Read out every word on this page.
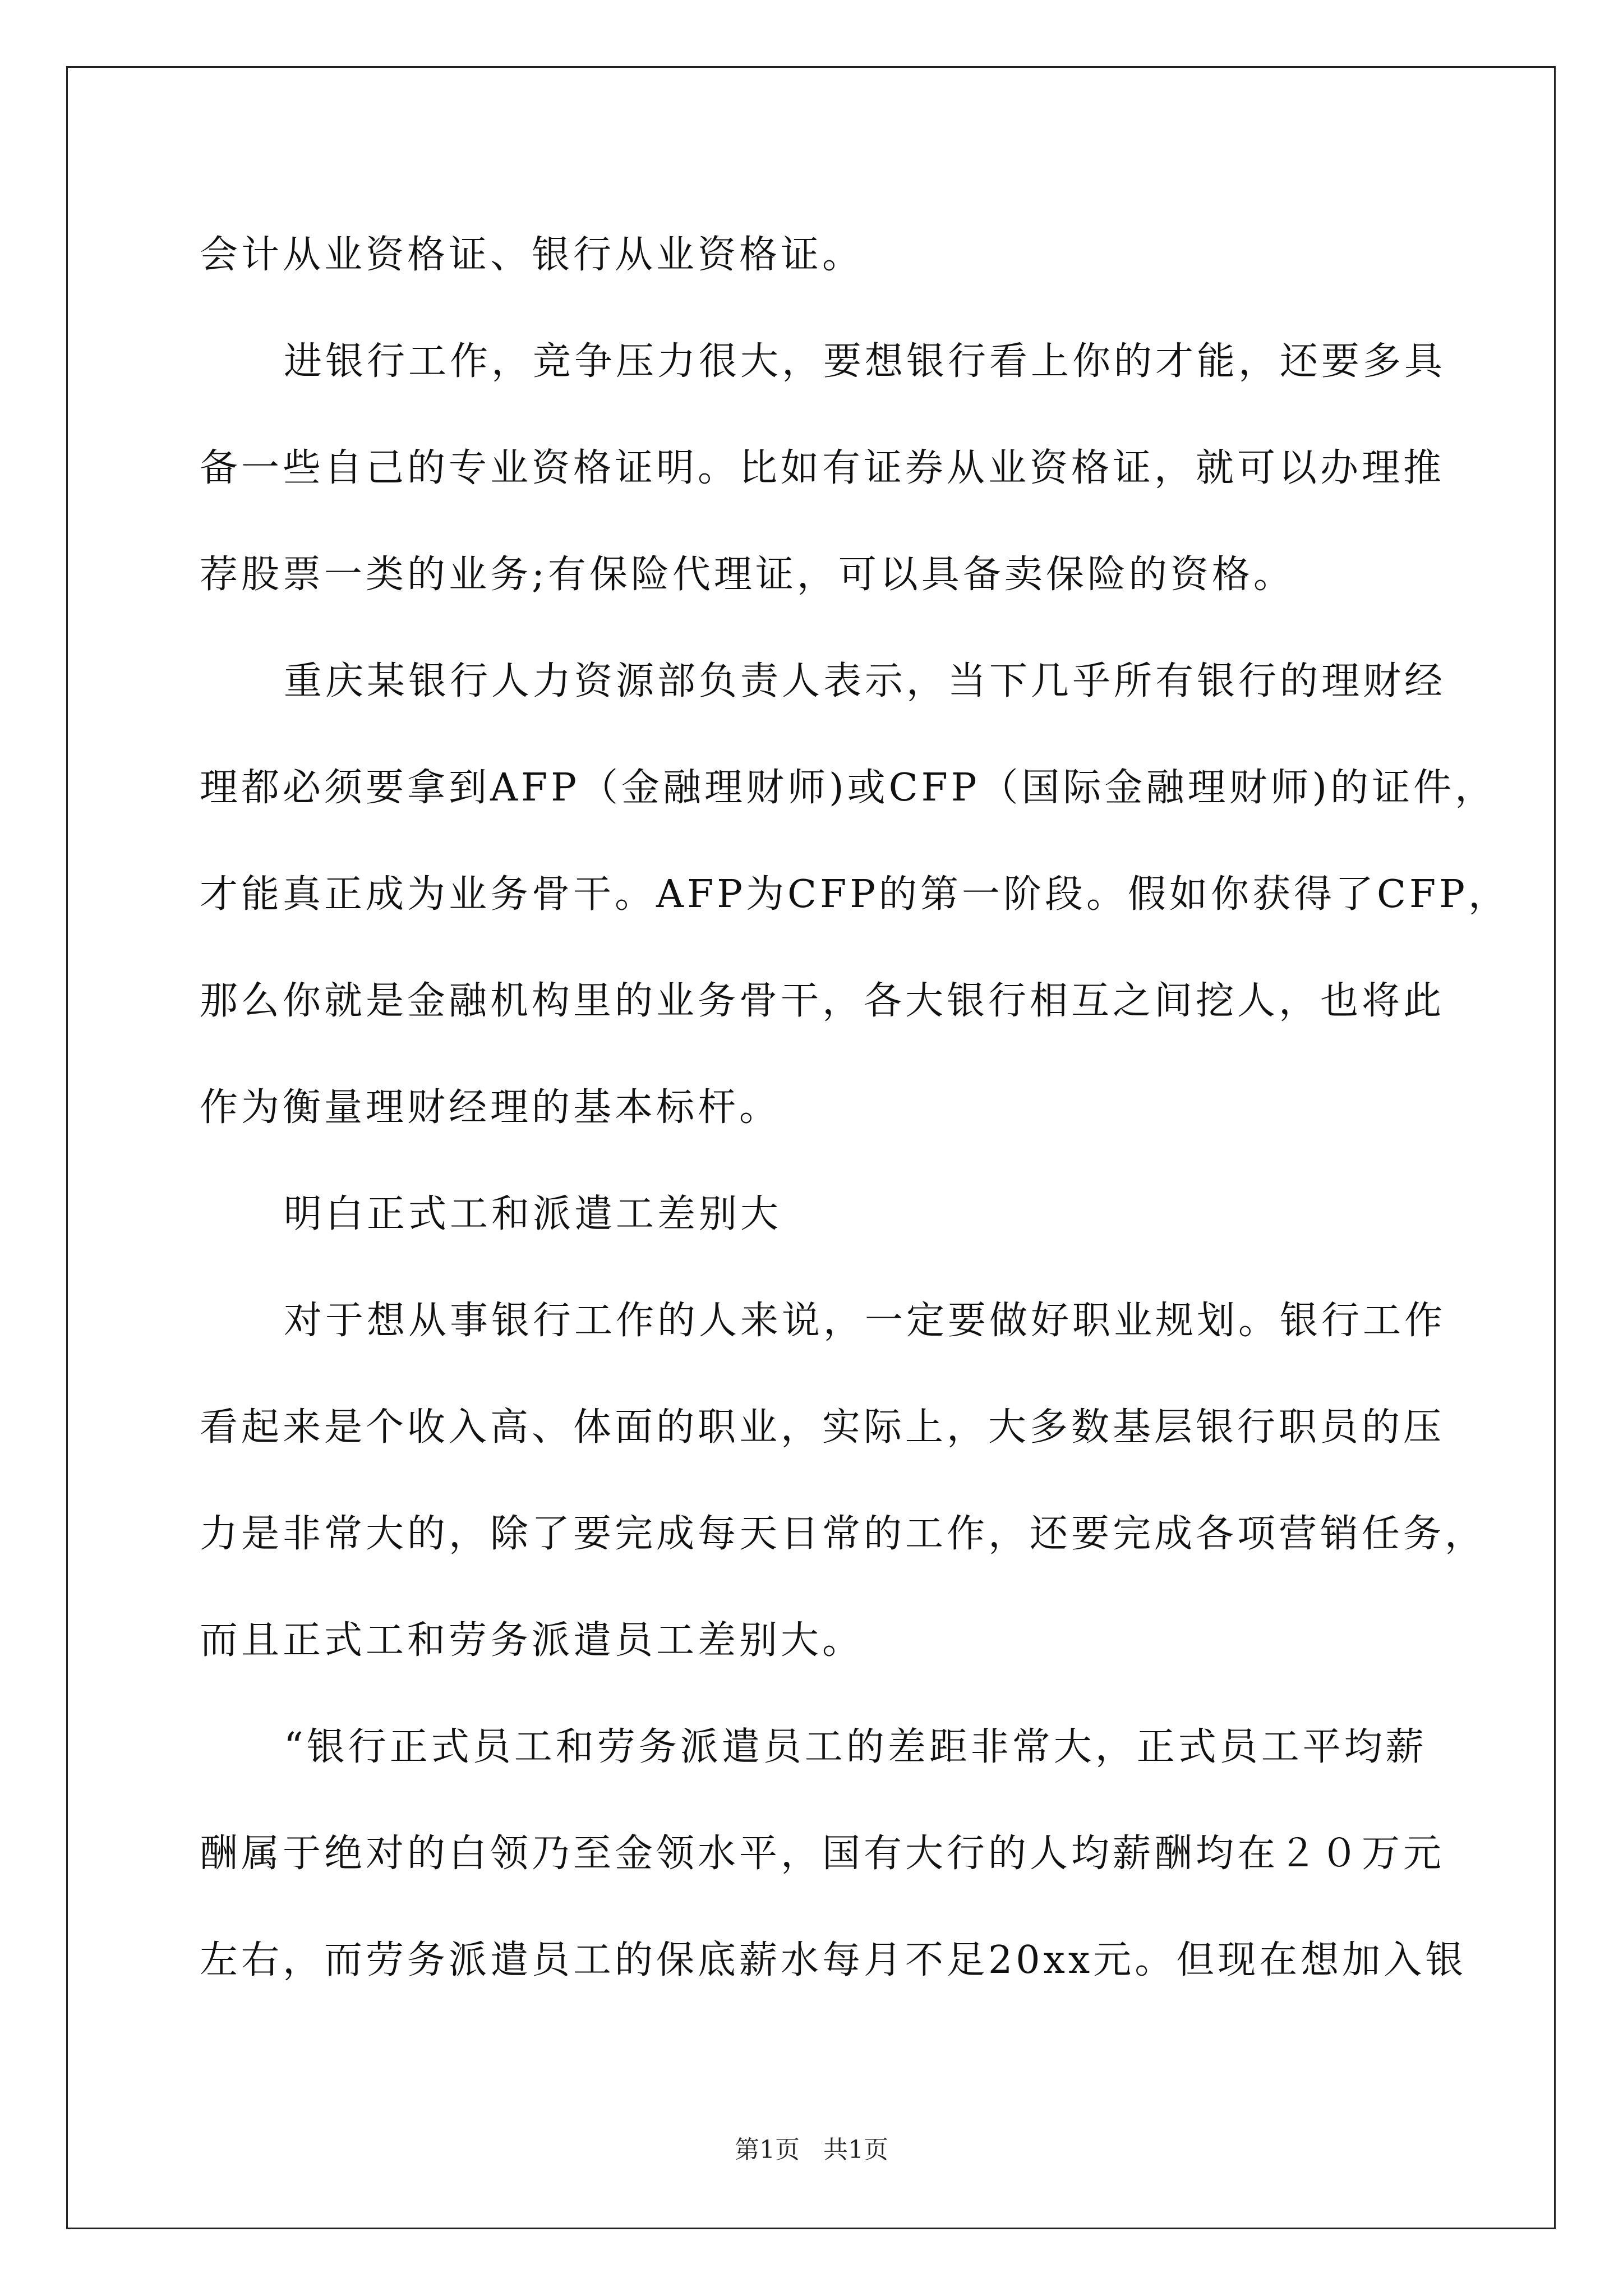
会计从业资格证、银行从业资格证。
进银行工作，竞争压力很大，要想银行看上你的才能，还要多具
备一些自己的专业资格证明。比如有证券从业资格证，就可以办理推
荐股票一类的业务;有保险代理证，可以具备卖保险的资格。
重庆某银行人力资源部负责人表示，当下几乎所有银行的理财经
理都必须要拿到AFP（金融理财师)或CFP（国际金融理财师)的证件，
才能真正成为业务骨干。AFP为CFP的第一阶段。假如你获得了CFP，
那么你就是金融机构里的业务骨干，各大银行相互之间挖人，也将此
作为衡量理财经理的基本标杆。
明白正式工和派遣工差别大
对于想从事银行工作的人来说，一定要做好职业规划。银行工作
看起来是个收入高、体面的职业，实际上，大多数基层银行职员的压
力是非常大的，除了要完成每天日常的工作，还要完成各项营销任务，
而且正式工和劳务派遣员工差别大。
“银行正式员工和劳务派遣员工的差距非常大，正式员工平均薪
酬属于绝对的白领乃至金领水平，国有大行的人均薪酬均在２０万元
左右，而劳务派遣员工的保底薪水每月不足20xx元。但现在想加入银
第1页 共1页
